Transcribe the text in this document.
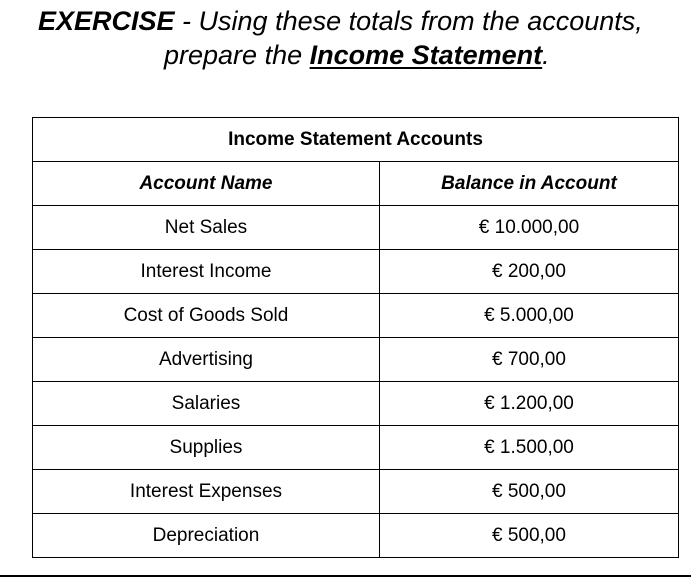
EXERCISE - Using these totals from the accounts,
prepare the Income Statement.
Income Statement Accounts	
Account Name	Balance in Account
Net Sales	€ 10.000,00
Interest Income	€ 200,00
Cost of Goods Sold	€ 5.000,00
Advertising	€ 700,00
Salaries	€ 1.200,00
Supplies	€ 1.500,00
Interest Expenses	€ 500,00
Depreciation	€ 500,00
